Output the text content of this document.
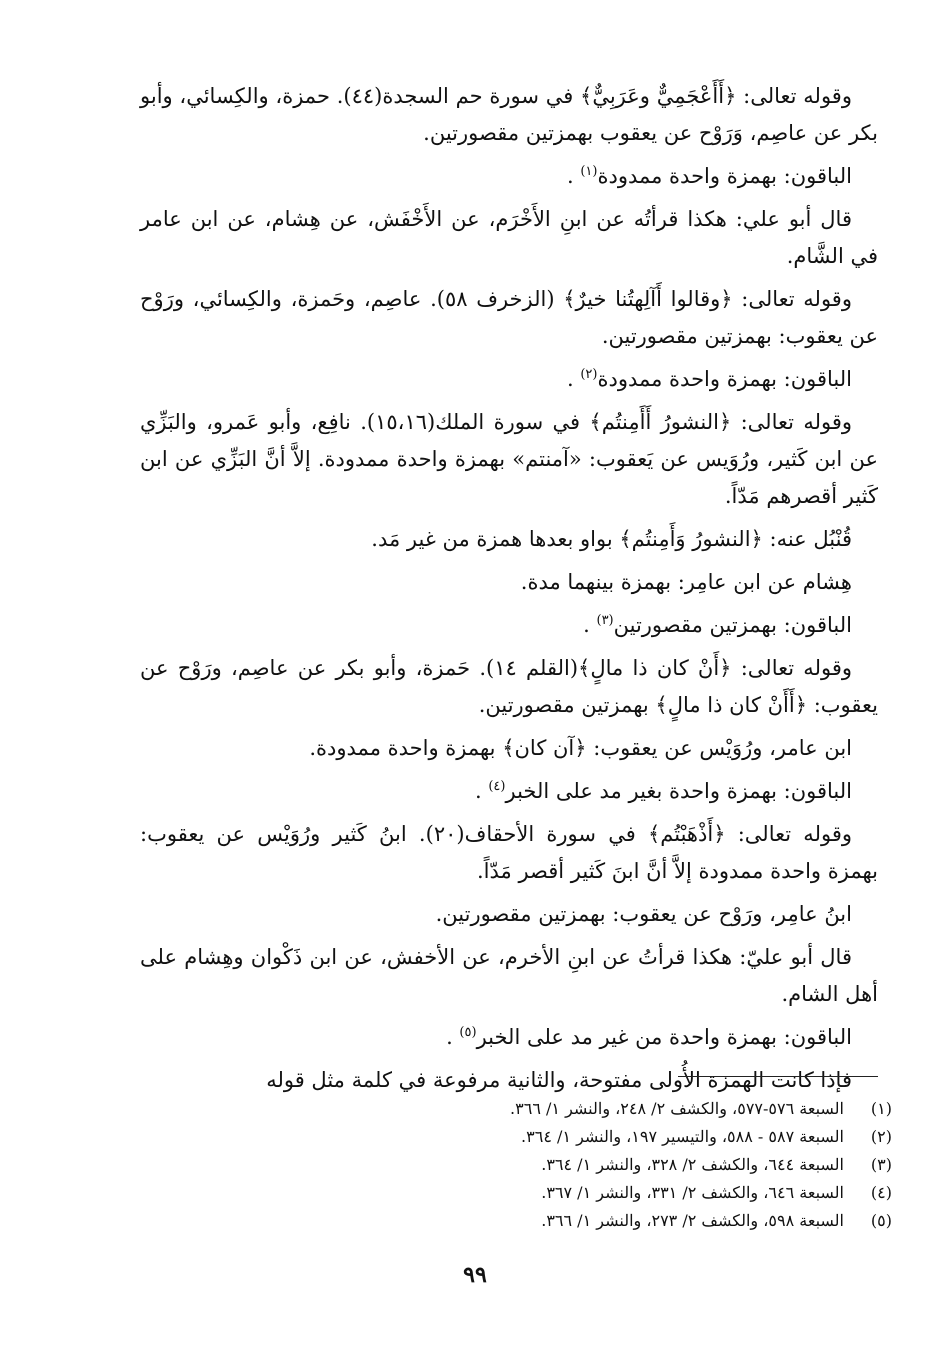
وقوله تعالى: ﴿أَأَعْجَمِيٌّ وعَرَبِيٌّ﴾ في سورة حم السجدة(٤٤). حمزة، والكِسائي، وأبو بكر عن عاصِم، وَرَوْح عن يعقوب بهمزتين مقصورتين.

الباقون: بهمزة واحدة ممدودة$^{(١)}$ .

قال أبو علي: هكذا قرأتُه عن ابنِ الأَخْرَم، عن الأَخْفَش، عن هِشام، عن ابن عامر في الشَّام.

وقوله تعالى: ﴿وقالوا أَآلِهتُنا خيرٌ﴾ (الزخرف ٥٨). عاصِم، وحَمزة، والكِسائي، ورَوْح عن يعقوب: بهمزتين مقصورتين.

الباقون: بهمزة واحدة ممدودة$^{(٢)}$ .

وقوله تعالى: ﴿النشورُ أَأَمِنتُم﴾ في سورة الملك(١٥،١٦). نافِع، وأبو عَمرو، والبَزِّي عن ابن كَثير، ورُوَيس عن يَعقوب: «آمنتم» بهمزة واحدة ممدودة. إلاَّ أنَّ البَزِّي عن ابن كَثير أقصرهم مَدّاً.

قُنْبُل عنه: ﴿النشورُ وَأَمِنتُم﴾ بواو بعدها همزة من غير مَد.

هِشام عن ابن عامِر: بهمزة بينهما مدة.

الباقون: بهمزتين مقصورتين$^{(٣)}$ .

وقوله تعالى: ﴿أَنْ كان ذا مالٍ﴾(القلم ١٤). حَمزة، وأبو بكر عن عاصِم، ورَوْح عن يعقوب: ﴿أَأَنْ كان ذا مالٍ﴾ بهمزتين مقصورتين.

ابن عامر، ورُوَيْس عن يعقوب: ﴿آن كان﴾ بهمزة واحدة ممدودة.

الباقون: بهمزة واحدة بغير مد على الخبر$^{(٤)}$ .

وقوله تعالى: ﴿أَذْهَبْتُم﴾ في سورة الأحقاف(٢٠). ابنُ كَثير ورُوَيْس عن يعقوب: بهمزة واحدة ممدودة إلاَّ أنَّ ابنَ كَثير أقصر مَدّاً.

ابنُ عامِر، ورَوْح عن يعقوب: بهمزتين مقصورتين.

قال أبو عليّ: هكذا قرأتُ عن ابنِ الأخرم، عن الأخفش، عن ابن ذَكْوان وهِشام على أهل الشام.

الباقون: بهمزة واحدة من غير مد على الخبر$^{(٥)}$ .

فإذا كانت الهمزة الأُولى مفتوحة، والثانية مرفوعة في كلمة مثل قوله

(١)
السبعة ٥٧٦-٥٧٧، والكشف ٢/ ٢٤٨، والنشر ١/ ٣٦٦.
(٢)
السبعة ٥٨٧ - ٥٨٨، والتيسير ١٩٧، والنشر ١/ ٣٦٤.
(٣)
السبعة ٦٤٤، والكشف ٢/ ٣٢٨، والنشر ١/ ٣٦٤.
(٤)
السبعة ٦٤٦، والكشف ٢/ ٣٣١، والنشر ١/ ٣٦٧.
(٥)
السبعة ٥٩٨، والكشف ٢/ ٢٧٣، والنشر ١/ ٣٦٦.
٩٩
